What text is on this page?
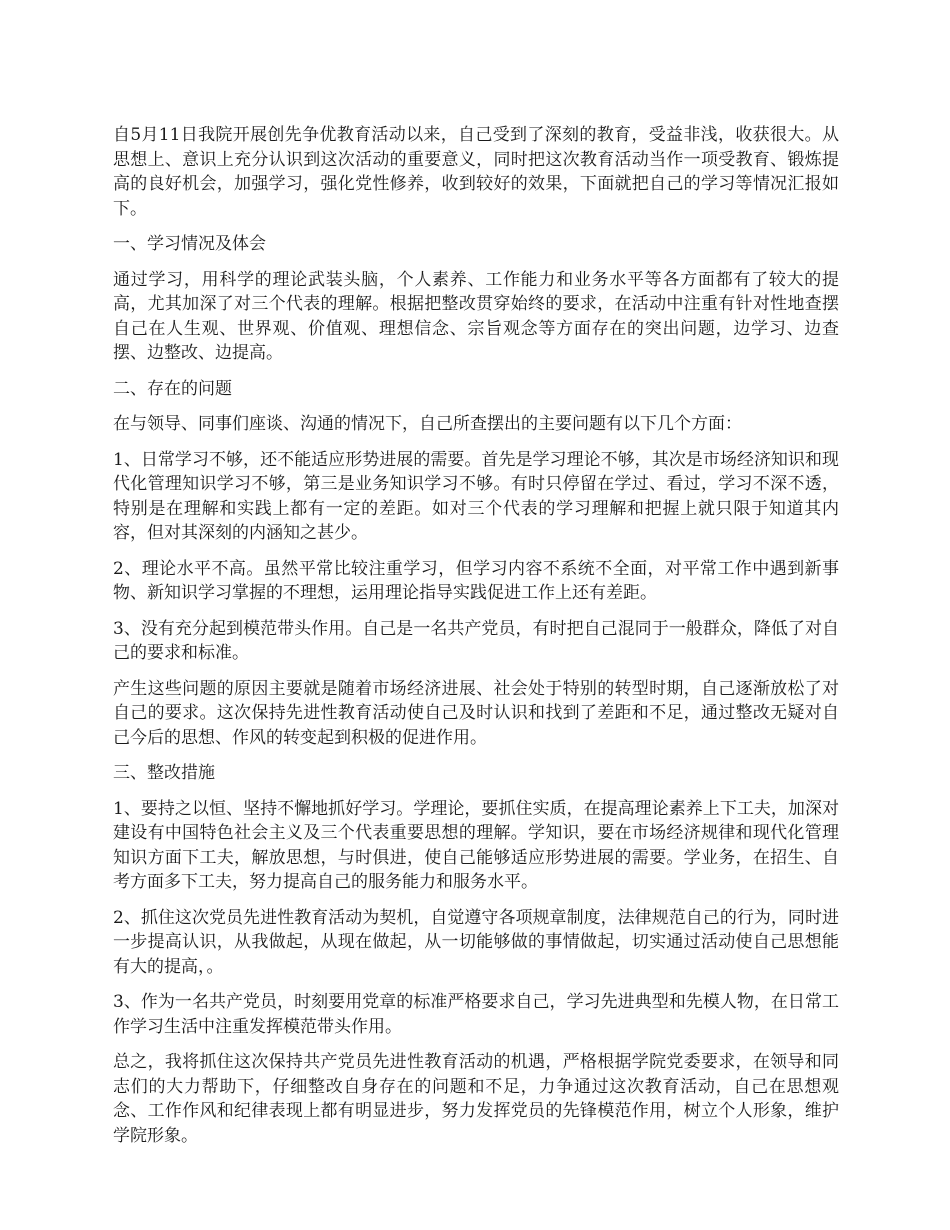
自5月11日我院开展创先争优教育活动以来，自己受到了深刻的教育，受益非浅，收获很大。从思想上、意识上充分认识到这次活动的重要意义，同时把这次教育活动当作一项受教育、锻炼提高的良好机会，加强学习，强化党性修养，收到较好的效果，下面就把自己的学习等情况汇报如下。

一、学习情况及体会

通过学习，用科学的理论武装头脑，个人素养、工作能力和业务水平等各方面都有了较大的提高，尤其加深了对三个代表的理解。根据把整改贯穿始终的要求，在活动中注重有针对性地查摆自己在人生观、世界观、价值观、理想信念、宗旨观念等方面存在的突出问题，边学习、边查摆、边整改、边提高。

二、存在的问题

在与领导、同事们座谈、沟通的情况下，自己所查摆出的主要问题有以下几个方面：

1、日常学习不够，还不能适应形势进展的需要。首先是学习理论不够，其次是市场经济知识和现代化管理知识学习不够，第三是业务知识学习不够。有时只停留在学过、看过，学习不深不透，特别是在理解和实践上都有一定的差距。如对三个代表的学习理解和把握上就只限于知道其内容，但对其深刻的内涵知之甚少。

2、理论水平不高。虽然平常比较注重学习，但学习内容不系统不全面，对平常工作中遇到新事物、新知识学习掌握的不理想，运用理论指导实践促进工作上还有差距。

3、没有充分起到模范带头作用。自己是一名共产党员，有时把自己混同于一般群众，降低了对自己的要求和标准。

产生这些问题的原因主要就是随着市场经济进展、社会处于特别的转型时期，自己逐渐放松了对自己的要求。这次保持先进性教育活动使自己及时认识和找到了差距和不足，通过整改无疑对自己今后的思想、作风的转变起到积极的促进作用。

三、整改措施

1、要持之以恒、坚持不懈地抓好学习。学理论，要抓住实质，在提高理论素养上下工夫，加深对建设有中国特色社会主义及三个代表重要思想的理解。学知识，要在市场经济规律和现代化管理知识方面下工夫，解放思想，与时俱进，使自己能够适应形势进展的需要。学业务，在招生、自考方面多下工夫，努力提高自己的服务能力和服务水平。

2、抓住这次党员先进性教育活动为契机，自觉遵守各项规章制度，法律规范自己的行为，同时进一步提高认识，从我做起，从现在做起，从一切能够做的事情做起，切实通过活动使自己思想能有大的提高，。

3、作为一名共产党员，时刻要用党章的标准严格要求自己，学习先进典型和先模人物，在日常工作学习生活中注重发挥模范带头作用。

总之，我将抓住这次保持共产党员先进性教育活动的机遇，严格根据学院党委要求，在领导和同志们的大力帮助下，仔细整改自身存在的问题和不足，力争通过这次教育活动，自己在思想观念、工作作风和纪律表现上都有明显进步，努力发挥党员的先锋模范作用，树立个人形象，维护学院形象。
